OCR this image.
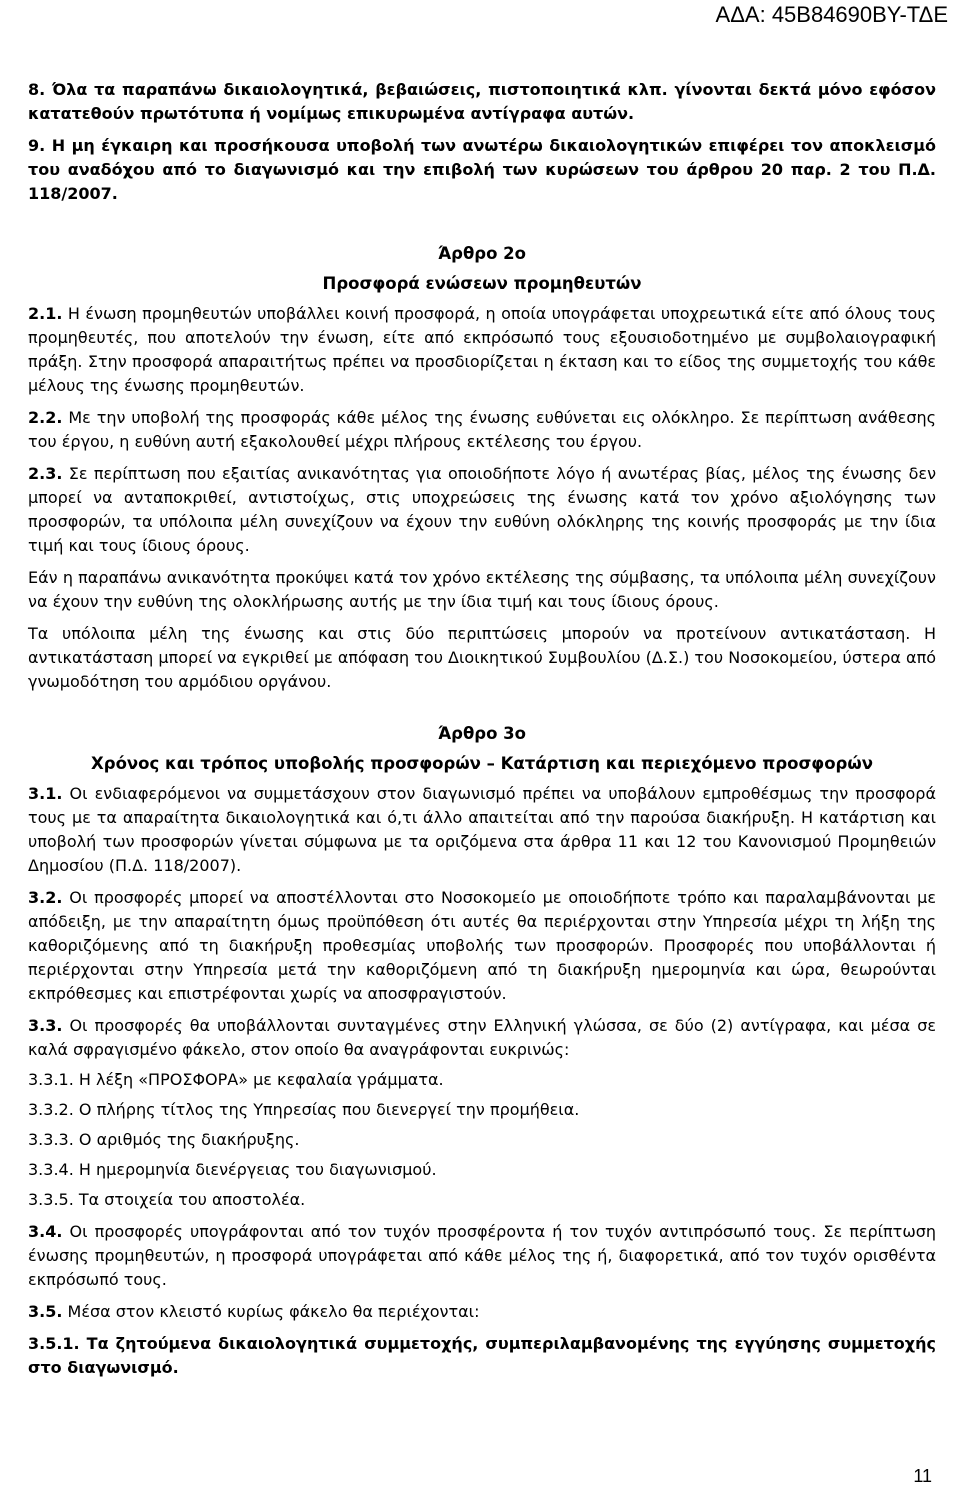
ΑΔΑ: 45Β84690ΒΥ-ΤΔΕ

8. Όλα τα παραπάνω δικαιολογητικά, βεβαιώσεις, πιστοποιητικά κλπ. γίνονται δεκτά μόνο εφόσον κατατεθούν πρωτότυπα ή νομίμως επικυρωμένα αντίγραφα αυτών.

9. Η μη έγκαιρη και προσήκουσα υποβολή των ανωτέρω δικαιολογητικών επιφέρει τον αποκλεισμό του αναδόχου από το διαγωνισμό και την επιβολή των κυρώσεων του άρθρου 20 παρ. 2 του Π.Δ. 118/2007.

Άρθρο 2ο

Προσφορά ενώσεων προμηθευτών

2.1. Η ένωση προμηθευτών υποβάλλει κοινή προσφορά, η οποία υπογράφεται υποχρεωτικά είτε από όλους τους προμηθευτές, που αποτελούν την ένωση, είτε από εκπρόσωπό τους εξουσιοδοτημένο με συμβολαιογραφική πράξη. Στην προσφορά απαραιτήτως πρέπει να προσδιορίζεται η έκταση και το είδος της συμμετοχής του κάθε μέλους της ένωσης προμηθευτών.

2.2. Με την υποβολή της προσφοράς κάθε μέλος της ένωσης ευθύνεται εις ολόκληρο. Σε περίπτωση ανάθεσης του έργου, η ευθύνη αυτή εξακολουθεί μέχρι πλήρους εκτέλεσης του έργου.

2.3. Σε περίπτωση που εξαιτίας ανικανότητας για οποιοδήποτε λόγο ή ανωτέρας βίας, μέλος της ένωσης δεν μπορεί να ανταποκριθεί, αντιστοίχως, στις υποχρεώσεις της ένωσης κατά τον χρόνο αξιολόγησης των προσφορών, τα υπόλοιπα μέλη συνεχίζουν να έχουν την ευθύνη ολόκληρης της κοινής προσφοράς με την ίδια τιμή και τους ίδιους όρους.

Εάν η παραπάνω ανικανότητα προκύψει κατά τον χρόνο εκτέλεσης της σύμβασης, τα υπόλοιπα μέλη συνεχίζουν να έχουν την ευθύνη της ολοκλήρωσης αυτής με την ίδια τιμή και τους ίδιους όρους.

Τα υπόλοιπα μέλη της ένωσης και στις δύο περιπτώσεις μπορούν να προτείνουν αντικατάσταση. Η αντικατάσταση μπορεί να εγκριθεί με απόφαση του Διοικητικού Συμβουλίου (Δ.Σ.) του Νοσοκομείου, ύστερα από γνωμοδότηση του αρμόδιου οργάνου.

Άρθρο 3ο

Χρόνος και τρόπος υποβολής προσφορών – Κατάρτιση και περιεχόμενο προσφορών

3.1. Οι ενδιαφερόμενοι να συμμετάσχουν στον διαγωνισμό πρέπει να υποβάλουν εμπροθέσμως την προσφορά τους με τα απαραίτητα δικαιολογητικά και ό,τι άλλο απαιτείται από την παρούσα διακήρυξη. Η κατάρτιση και υποβολή των προσφορών γίνεται σύμφωνα με τα οριζόμενα στα άρθρα 11 και 12 του Κανονισμού Προμηθειών Δημοσίου (Π.Δ. 118/2007).

3.2. Οι προσφορές μπορεί να αποστέλλονται στο Νοσοκομείο με οποιοδήποτε τρόπο και παραλαμβάνονται με απόδειξη, με την απαραίτητη όμως προϋπόθεση ότι αυτές θα περιέρχονται στην Υπηρεσία μέχρι τη λήξη της καθοριζόμενης από τη διακήρυξη προθεσμίας υποβολής των προσφορών. Προσφορές που υποβάλλονται ή περιέρχονται στην Υπηρεσία μετά την καθοριζόμενη από τη διακήρυξη ημερομηνία και ώρα, θεωρούνται εκπρόθεσμες και επιστρέφονται χωρίς να αποσφραγιστούν.

3.3. Οι προσφορές θα υποβάλλονται συνταγμένες στην Ελληνική γλώσσα, σε δύο (2) αντίγραφα, και μέσα σε καλά σφραγισμένο φάκελο, στον οποίο θα αναγράφονται ευκρινώς:

3.3.1. Η λέξη «ΠΡΟΣΦΟΡΑ» με κεφαλαία γράμματα.

3.3.2. Ο πλήρης τίτλος της Υπηρεσίας που διενεργεί την προμήθεια.

3.3.3. Ο αριθμός της διακήρυξης.

3.3.4. Η ημερομηνία διενέργειας του διαγωνισμού.

3.3.5. Τα στοιχεία του αποστολέα.

3.4. Οι προσφορές υπογράφονται από τον τυχόν προσφέροντα ή τον τυχόν αντιπρόσωπό τους. Σε περίπτωση ένωσης προμηθευτών, η προσφορά υπογράφεται από κάθε μέλος της ή, διαφορετικά, από τον τυχόν ορισθέντα εκπρόσωπό τους.

3.5. Μέσα στον κλειστό κυρίως φάκελο θα περιέχονται:

3.5.1. Τα ζητούμενα δικαιολογητικά συμμετοχής, συμπεριλαμβανομένης της εγγύησης συμμετοχής στο διαγωνισμό.

11
